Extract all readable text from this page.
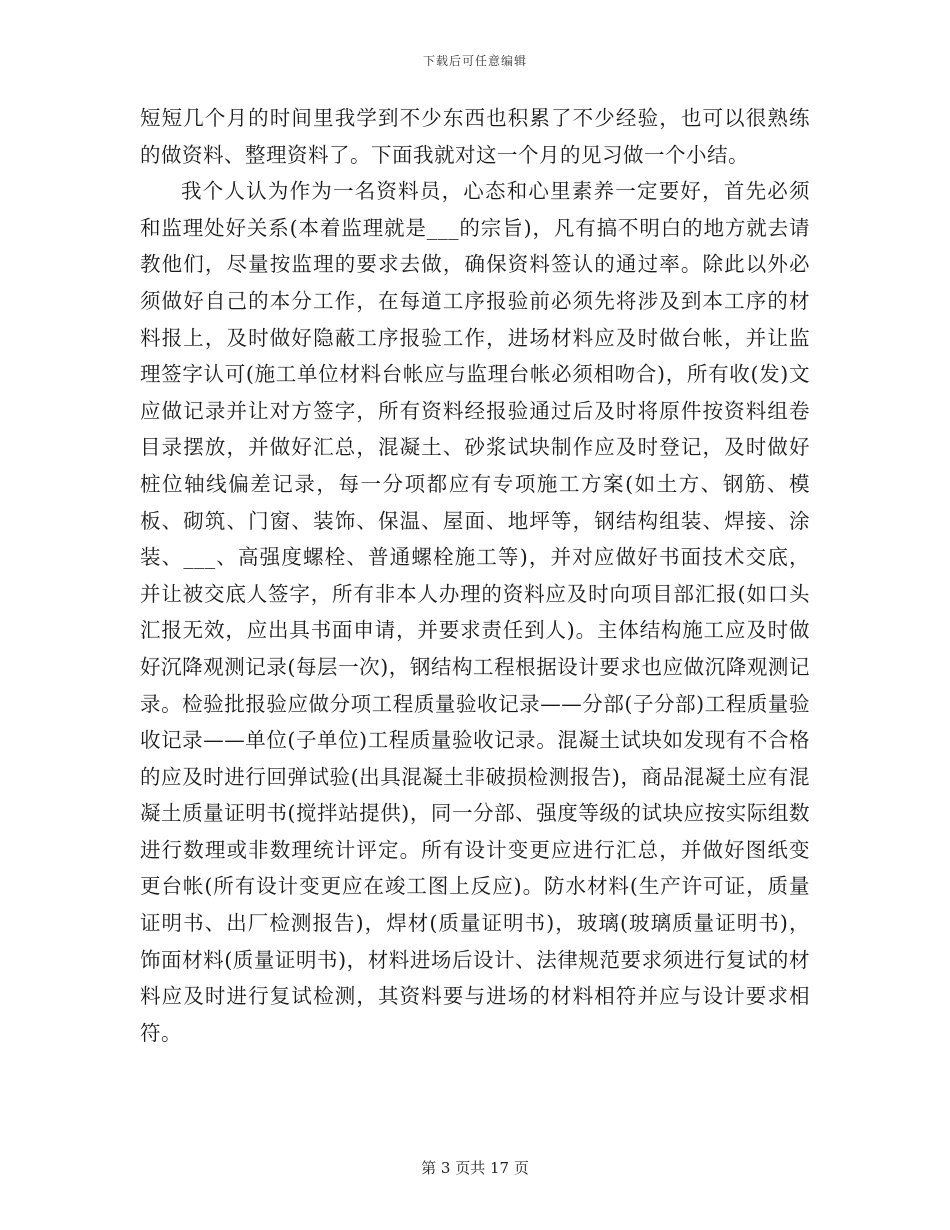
下载后可任意编辑

短短几个月的时间里我学到不少东西也积累了不少经验，也可以很熟练的做资料、整理资料了。下面我就对这一个月的见习做一个小结。

我个人认为作为一名资料员，心态和心里素养一定要好，首先必须和监理处好关系(本着监理就是___的宗旨)，凡有搞不明白的地方就去请教他们，尽量按监理的要求去做，确保资料签认的通过率。除此以外必须做好自己的本分工作，在每道工序报验前必须先将涉及到本工序的材料报上，及时做好隐蔽工序报验工作，进场材料应及时做台帐，并让监理签字认可(施工单位材料台帐应与监理台帐必须相吻合)，所有收(发)文应做记录并让对方签字，所有资料经报验通过后及时将原件按资料组卷目录摆放，并做好汇总，混凝土、砂浆试块制作应及时登记，及时做好桩位轴线偏差记录，每一分项都应有专项施工方案(如土方、钢筋、模板、砌筑、门窗、装饰、保温、屋面、地坪等，钢结构组装、焊接、涂装、___、高强度螺栓、普通螺栓施工等)，并对应做好书面技术交底，并让被交底人签字，所有非本人办理的资料应及时向项目部汇报(如口头汇报无效，应出具书面申请，并要求责任到人)。主体结构施工应及时做好沉降观测记录(每层一次)，钢结构工程根据设计要求也应做沉降观测记录。检验批报验应做分项工程质量验收记录——分部(子分部)工程质量验收记录——单位(子单位)工程质量验收记录。混凝土试块如发现有不合格的应及时进行回弹试验(出具混凝土非破损检测报告)，商品混凝土应有混凝土质量证明书(搅拌站提供)，同一分部、强度等级的试块应按实际组数进行数理或非数理统计评定。所有设计变更应进行汇总，并做好图纸变更台帐(所有设计变更应在竣工图上反应)。防水材料(生产许可证，质量证明书、出厂检测报告)，焊材(质量证明书)，玻璃(玻璃质量证明书)，饰面材料(质量证明书)，材料进场后设计、法律规范要求须进行复试的材料应及时进行复试检测，其资料要与进场的材料相符并应与设计要求相符。

第 3 页共 17 页
